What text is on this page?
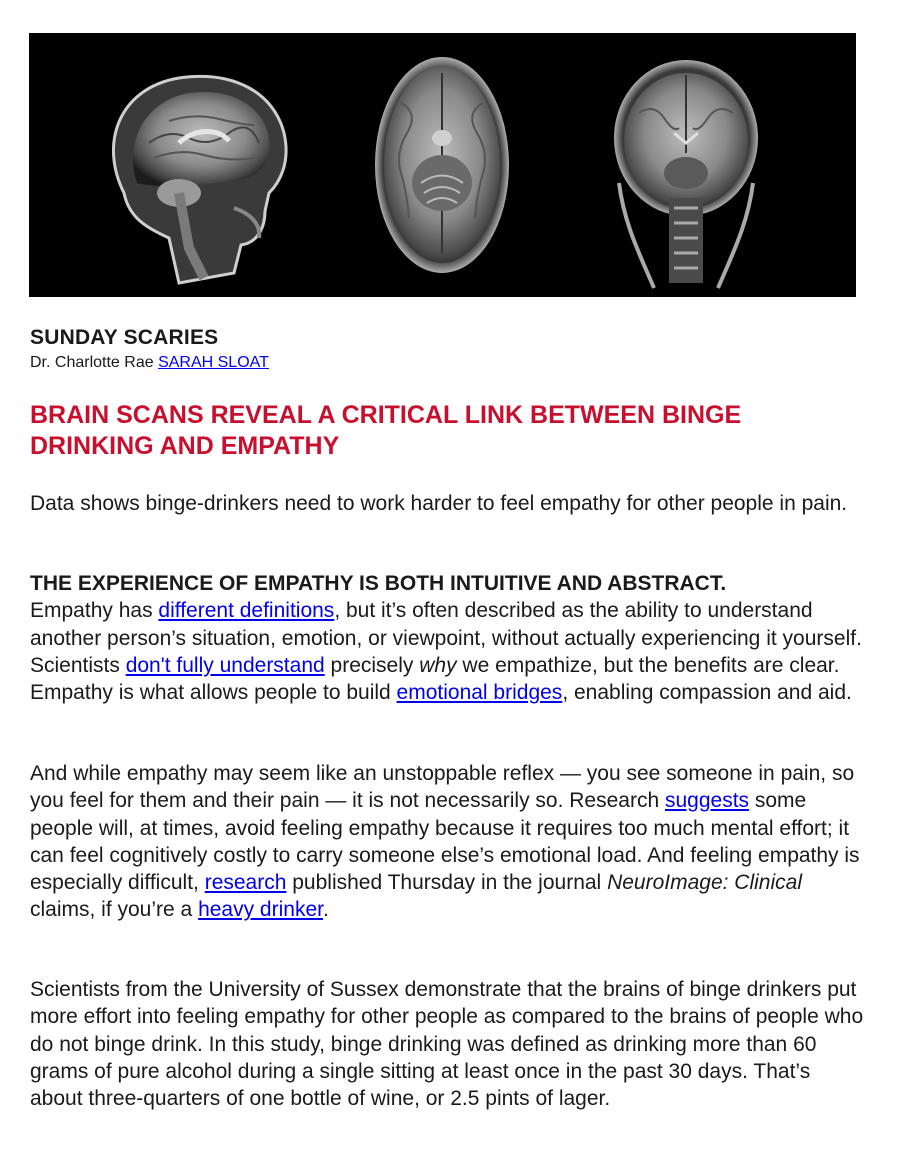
SUNDAY SCARIES
Dr. Charlotte Rae SARAH SLOAT
BRAIN SCANS REVEAL A CRITICAL LINK BETWEEN BINGE DRINKING AND EMPATHY

Data shows binge-drinkers need to work harder to feel empathy for other people in pain.

THE EXPERIENCE OF EMPATHY IS BOTH INTUITIVE AND ABSTRACT.
Empathy has different definitions, but it’s often described as the ability to understand another person’s situation, emotion, or viewpoint, without actually experiencing it yourself. Scientists don't fully understand precisely why we empathize, but the benefits are clear. Empathy is what allows people to build emotional bridges, enabling compassion and aid.

And while empathy may seem like an unstoppable reflex — you see someone in pain, so you feel for them and their pain — it is not necessarily so. Research suggests some people will, at times, avoid feeling empathy because it requires too much mental effort; it can feel cognitively costly to carry someone else’s emotional load. And feeling empathy is especially difficult, research published Thursday in the journal NeuroImage: Clinical claims, if you’re a heavy drinker.

Scientists from the University of Sussex demonstrate that the brains of binge drinkers put more effort into feeling empathy for other people as compared to the brains of people who do not binge drink. In this study, binge drinking was defined as drinking more than 60 grams of pure alcohol during a single sitting at least once in the past 30 days. That’s about three-quarters of one bottle of wine, or 2.5 pints of lager.
